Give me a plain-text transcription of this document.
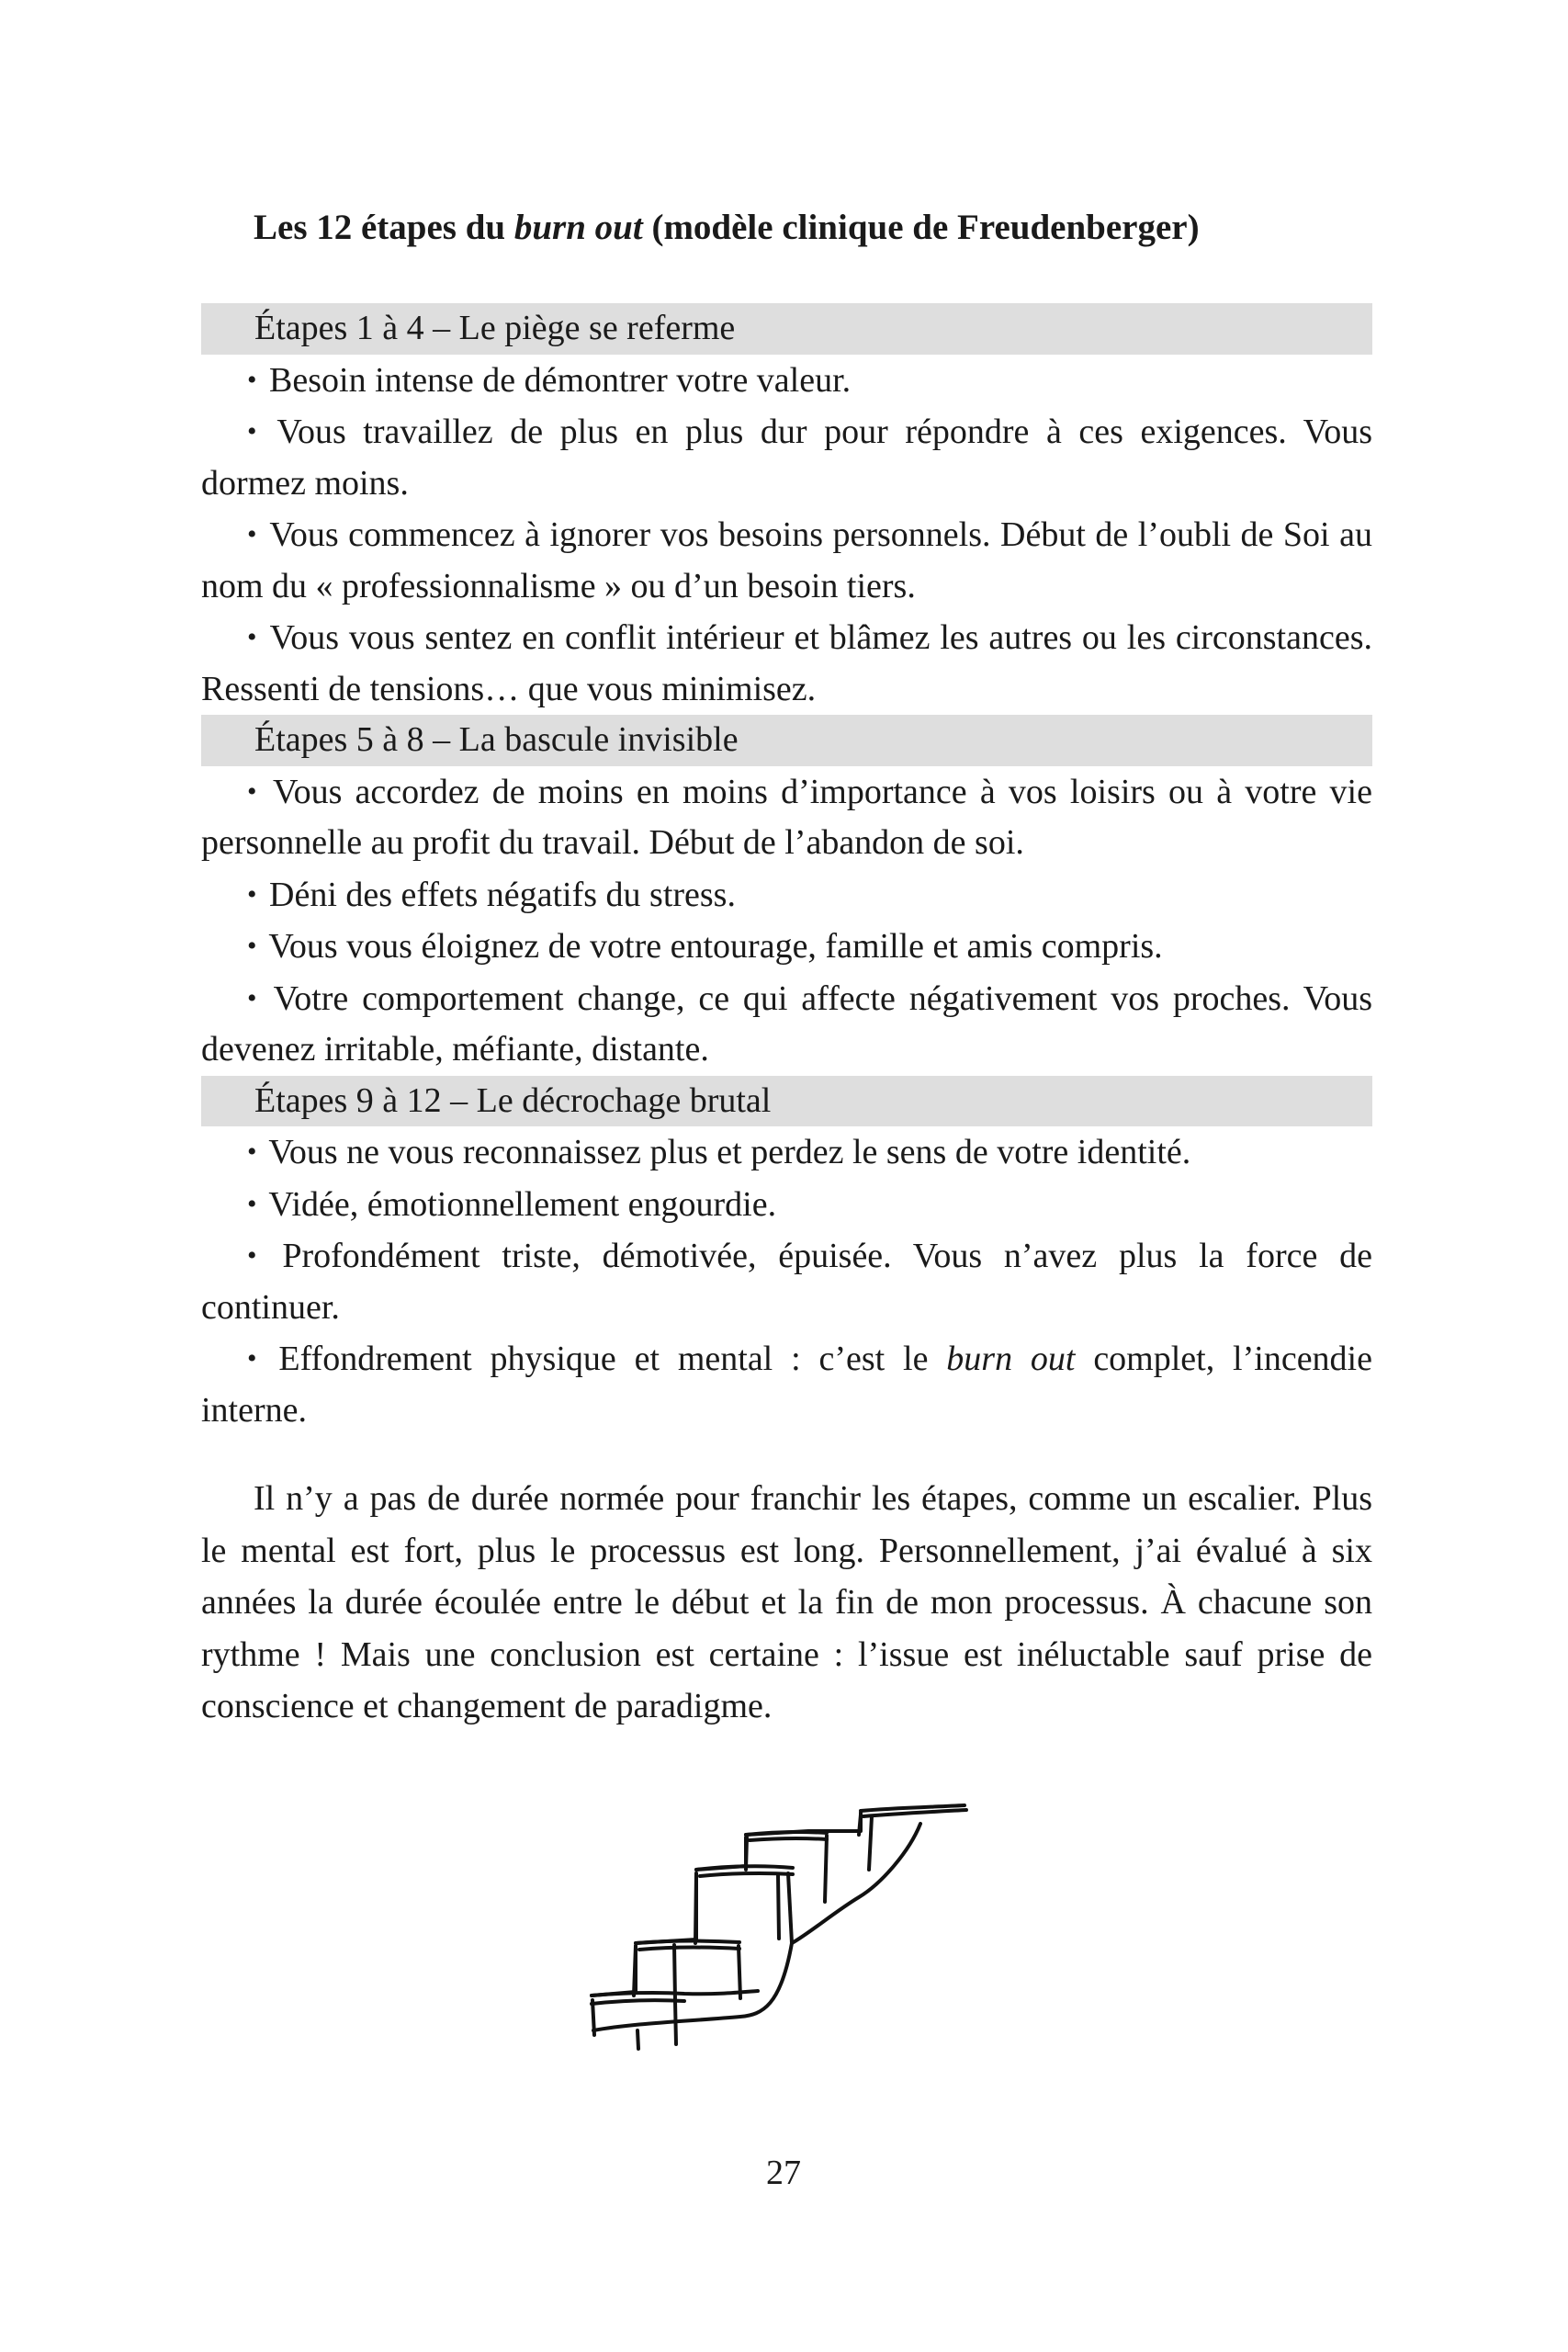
Les 12 étapes du burn out (modèle clinique de Freudenberger)
Étapes 1 à 4 – Le piège se referme
• Besoin intense de démontrer votre valeur.
• Vous travaillez de plus en plus dur pour répondre à ces exigences. Vous dormez moins.
• Vous commencez à ignorer vos besoins personnels. Début de l’oubli de Soi au nom du « professionnalisme » ou d’un besoin tiers.
• Vous vous sentez en conflit intérieur et blâmez les autres ou les circonstances. Ressenti de tensions… que vous minimisez.
Étapes 5 à 8 – La bascule invisible
• Vous accordez de moins en moins d’importance à vos loisirs ou à votre vie personnelle au profit du travail. Début de l’abandon de soi.
• Déni des effets négatifs du stress.
• Vous vous éloignez de votre entourage, famille et amis compris.
• Votre comportement change, ce qui affecte négativement vos proches. Vous devenez irritable, méfiante, distante.
Étapes 9 à 12 – Le décrochage brutal
• Vous ne vous reconnaissez plus et perdez le sens de votre identité.
• Vidée, émotionnellement engourdie.
• Profondément triste, démotivée, épuisée. Vous n’avez plus la force de continuer.
• Effondrement physique et mental : c’est le burn out complet, l’incendie interne.

Il n’y a pas de durée normée pour franchir les étapes, comme un escalier. Plus le mental est fort, plus le processus est long. Personnellement, j’ai évalué à six années la durée écoulée entre le début et la fin de mon processus. À chacune son rythme ! Mais une conclusion est certaine : l’issue est inéluctable sauf prise de conscience et changement de paradigme.

27
